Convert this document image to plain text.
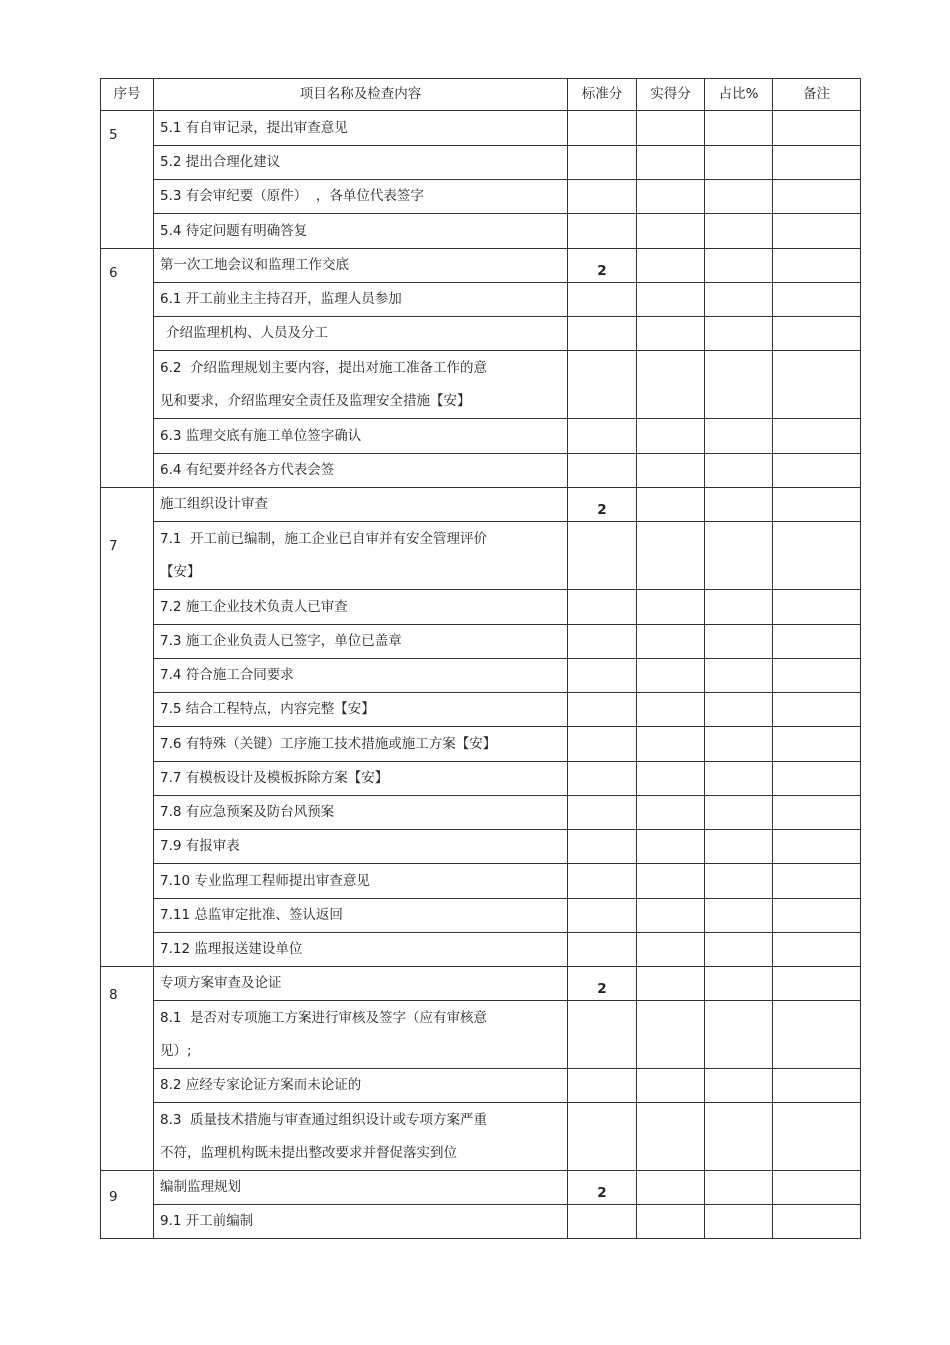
序号	项目名称及检查内容	标准分	实得分	占比%	备注
5	5.1 有自审记录，提出审查意见				
	5.2 提出合理化建议				
	5.3 有会审纪要（原件）  ，各单位代表签字				
	5.4 待定问题有明确答复				
6	第一次工地会议和监理工作交底	2			
	6.1 开工前业主主持召开，监理人员参加				
	介绍监理机构、人员及分工				

	6.2  介绍监理规划主要内容，提出对施工准备工作的意
见和要求，介绍监理安全责任及监理安全措施【安】				

	6.3 监理交底有施工单位签字确认				
	6.4 有纪要并经各方代表会签				

7	施工组织设计审查	2			

	7.1  开工前已编制，施工企业已自审并有安全管理评价
【安】				

	7.2 施工企业技术负责人已审查				
	7.3 施工企业负责人已签字，单位已盖章				
	7.4 符合施工合同要求				
	7.5 结合工程特点，内容完整【安】				
	7.6 有特殊（关键）工序施工技术措施或施工方案【安】				
	7.7 有模板设计及模板拆除方案【安】				
	7.8 有应急预案及防台风预案				
	7.9 有报审表				
	7.10 专业监理工程师提出审查意见				
	7.11 总监审定批准、签认返回				
	7.12 监理报送建设单位				
8	专项方案审查及论证	2			

	8.1  是否对专项施工方案进行审核及签字（应有审核意
见）;				

	8.2 应经专家论证方案而未论证的				

	8.3  质量技术措施与审查通过组织设计或专项方案严重
不符，监理机构既未提出整改要求并督促落实到位				

9	编制监理规划	2			
	9.1 开工前编制				
